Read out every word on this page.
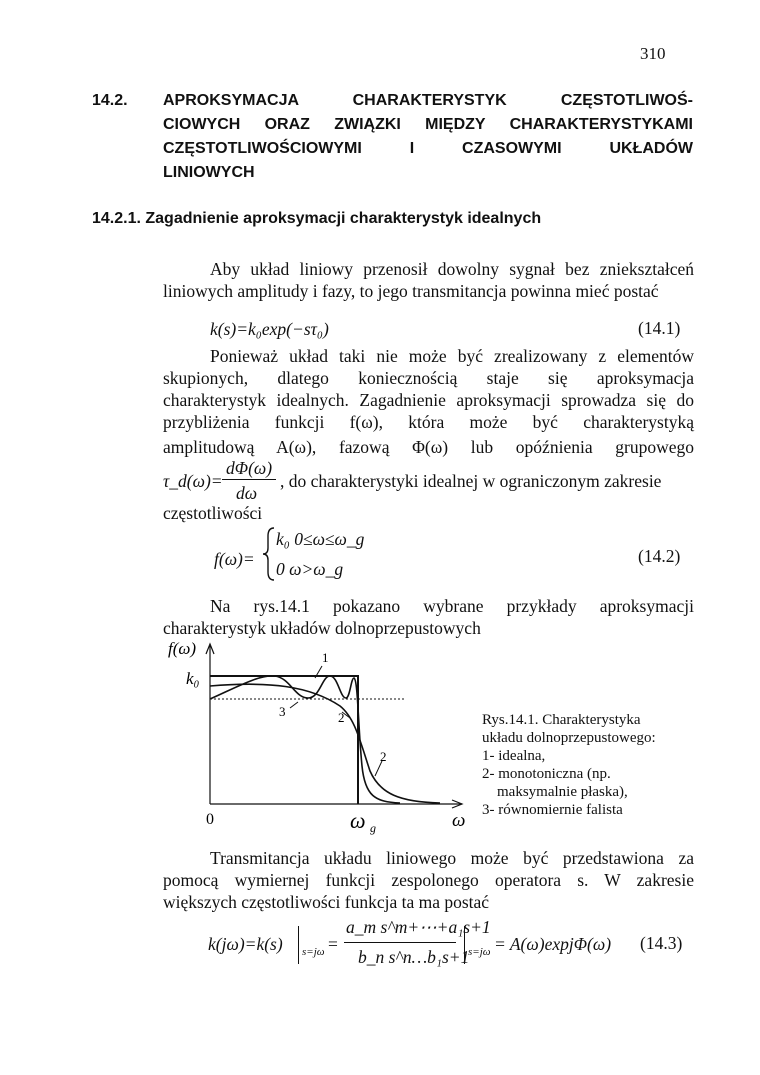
310
14.2. APROKSYMACJA CHARAKTERYSTYK CZĘSTOTLIWOŚ-
CIOWYCH ORAZ ZWIĄZKI MIĘDZY CHARAKTERYSTYKAMI
CZĘSTOTLIWOŚCIOWYMI I CZASOWYMI UKŁADÓW
LINIOWYCH
14.2.1. Zagadnienie aproksymacji charakterystyk idealnych
Aby układ liniowy przenosił dowolny sygnał bez zniekształceń
liniowych amplitudy i fazy, to jego transmitancja powinna mieć postać
k(s)=k₀exp(−sτ₀)	(14.1)
Ponieważ układ taki nie może być zrealizowany z elementów
skupionych, dlatego koniecznością staje się aproksymacja
charakterystyk idealnych. Zagadnienie aproksymacji sprowadza się do
przybliżenia funkcji f(ω), która może być charakterystyką
amplitudową A(ω), fazową Φ(ω) lub opóźnienia grupowego
τ_d(ω)=
dΦ(ω)
dω
, do charakterystyki idealnej w ograniczonym zakresie
częstotliwości
f(ω)=
k₀ 0≤ω≤ω_g
0 ω>ω_g
(14.2)
Na rys.14.1 pokazano wybrane przykłady aproksymacji
charakterystyk układów dolnoprzepustowych
f(ω)
k₀
0	ω g	ω
1
2
3
2
Rys.14.1. Charakterystyka
układu dolnoprzepustowego:
1- idealna,
2- monotoniczna (np.
maksymalnie płaska),
3- równomiernie falista
Transmitancja układu liniowego może być przedstawiona za
pomocą wymiernej funkcji zespolonego operatora s. W zakresie
większych częstotliwości funkcja ta ma postać
k(jω)=k(s) s=jω =
a_m s^m+⋯+a₁s+1
b_n s^n…b₁s+1
s=jω = A(ω)expjΦ(ω) (14.3)
